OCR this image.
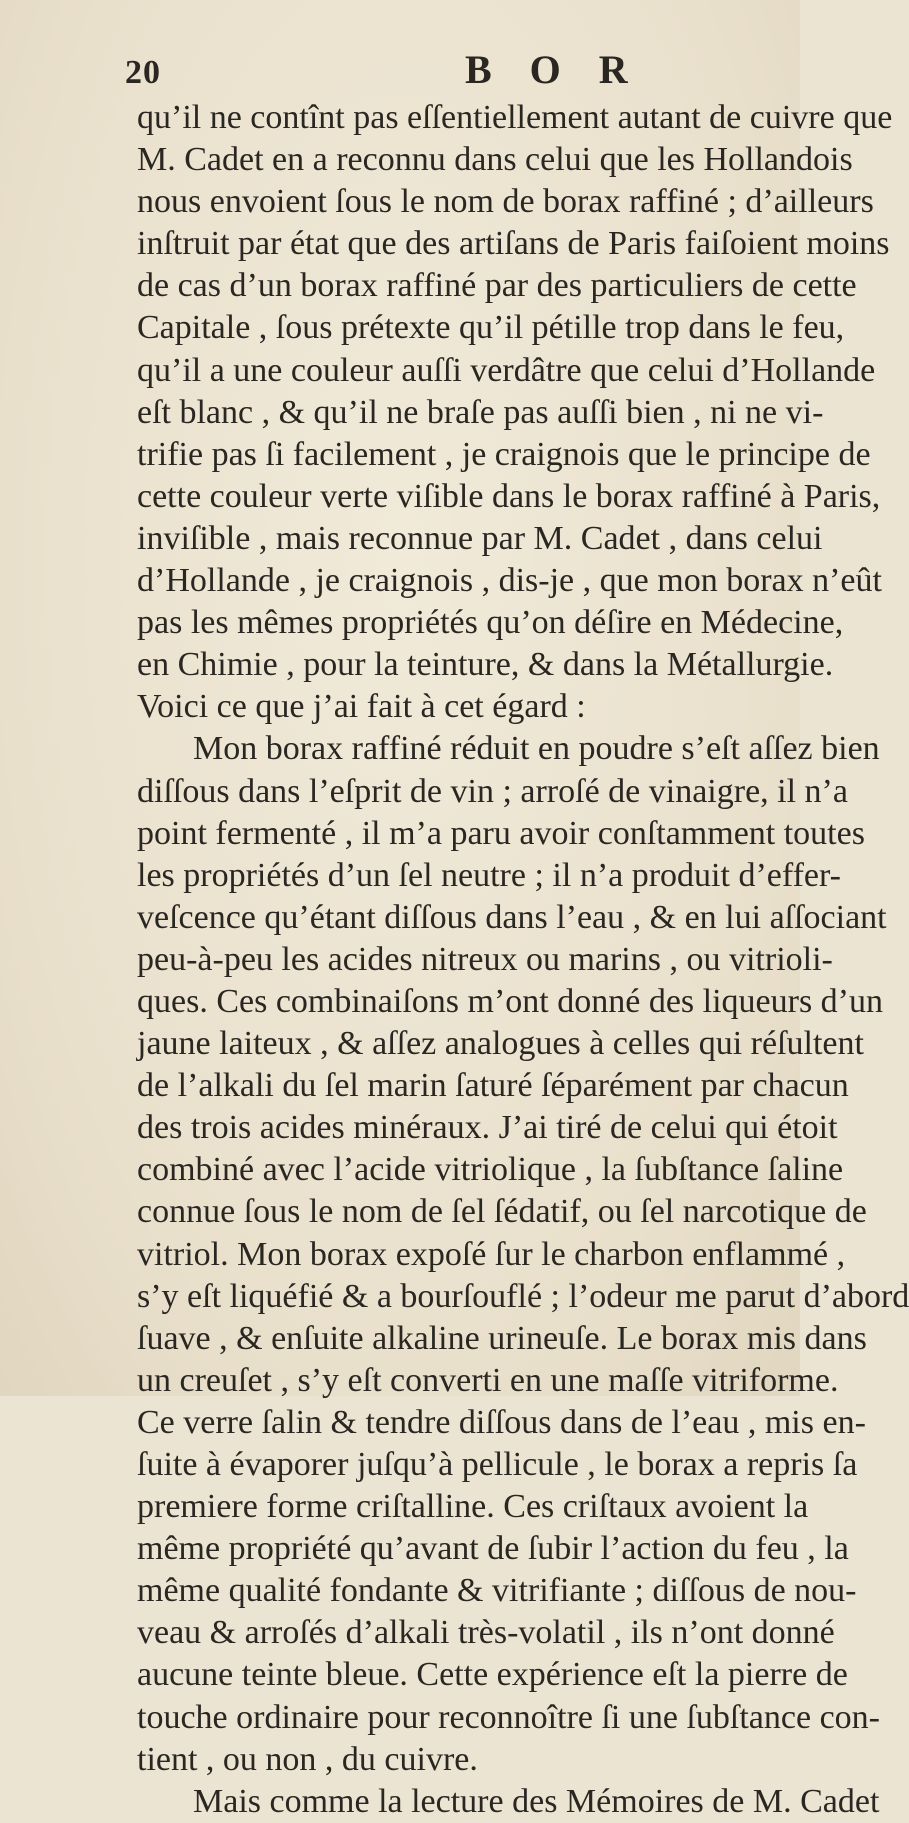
20	B O R
qu’il ne contînt pas eſſentiellement autant de cuivre que
M. Cadet en a reconnu dans celui que les Hollandois
nous envoient ſous le nom de borax raffiné ; d’ailleurs
inſtruit par état que des artiſans de Paris faiſoient moins
de cas d’un borax raffiné par des particuliers de cette
Capitale , ſous prétexte qu’il pétille trop dans le feu,
qu’il a une couleur auſſi verdâtre que celui d’Hollande
eſt blanc , & qu’il ne braſe pas auſſi bien , ni ne vi-
trifie pas ſi facilement , je craignois que le principe de
cette couleur verte viſible dans le borax raffiné à Paris,
inviſible , mais reconnue par M. Cadet , dans celui
d’Hollande , je craignois , dis-je , que mon borax n’eût
pas les mêmes propriétés qu’on déſire en Médecine,
en Chimie , pour la teinture, & dans la Métallurgie.
Voici ce que j’ai fait à cet égard :
Mon borax raffiné réduit en poudre s’eſt aſſez bien
diſſous dans l’eſprit de vin ; arroſé de vinaigre, il n’a
point fermenté , il m’a paru avoir conſtamment toutes
les propriétés d’un ſel neutre ; il n’a produit d’effer-
veſcence qu’étant diſſous dans l’eau , & en lui aſſociant
peu-à-peu les acides nitreux ou marins , ou vitrioli-
ques. Ces combinaiſons m’ont donné des liqueurs d’un
jaune laiteux , & aſſez analogues à celles qui réſultent
de l’alkali du ſel marin ſaturé ſéparément par chacun
des trois acides minéraux. J’ai tiré de celui qui étoit
combiné avec l’acide vitriolique , la ſubſtance ſaline
connue ſous le nom de ſel ſédatif, ou ſel narcotique de
vitriol. Mon borax expoſé ſur le charbon enflammé ,
s’y eſt liquéfié & a bourſouflé ; l’odeur me parut d’abord
ſuave , & enſuite alkaline urineuſe. Le borax mis dans
un creuſet , s’y eſt converti en une maſſe vitriforme.
Ce verre ſalin & tendre diſſous dans de l’eau , mis en-
ſuite à évaporer juſqu’à pellicule , le borax a repris ſa
premiere forme criſtalline. Ces criſtaux avoient la
même propriété qu’avant de ſubir l’action du feu , la
même qualité fondante & vitrifiante ; diſſous de nou-
veau & arroſés d’alkali très-volatil , ils n’ont donné
aucune teinte bleue. Cette expérience eſt la pierre de
touche ordinaire pour reconnoître ſi une ſubſtance con-
tient , ou non , du cuivre.
Mais comme la lecture des Mémoires de M. Cadet
